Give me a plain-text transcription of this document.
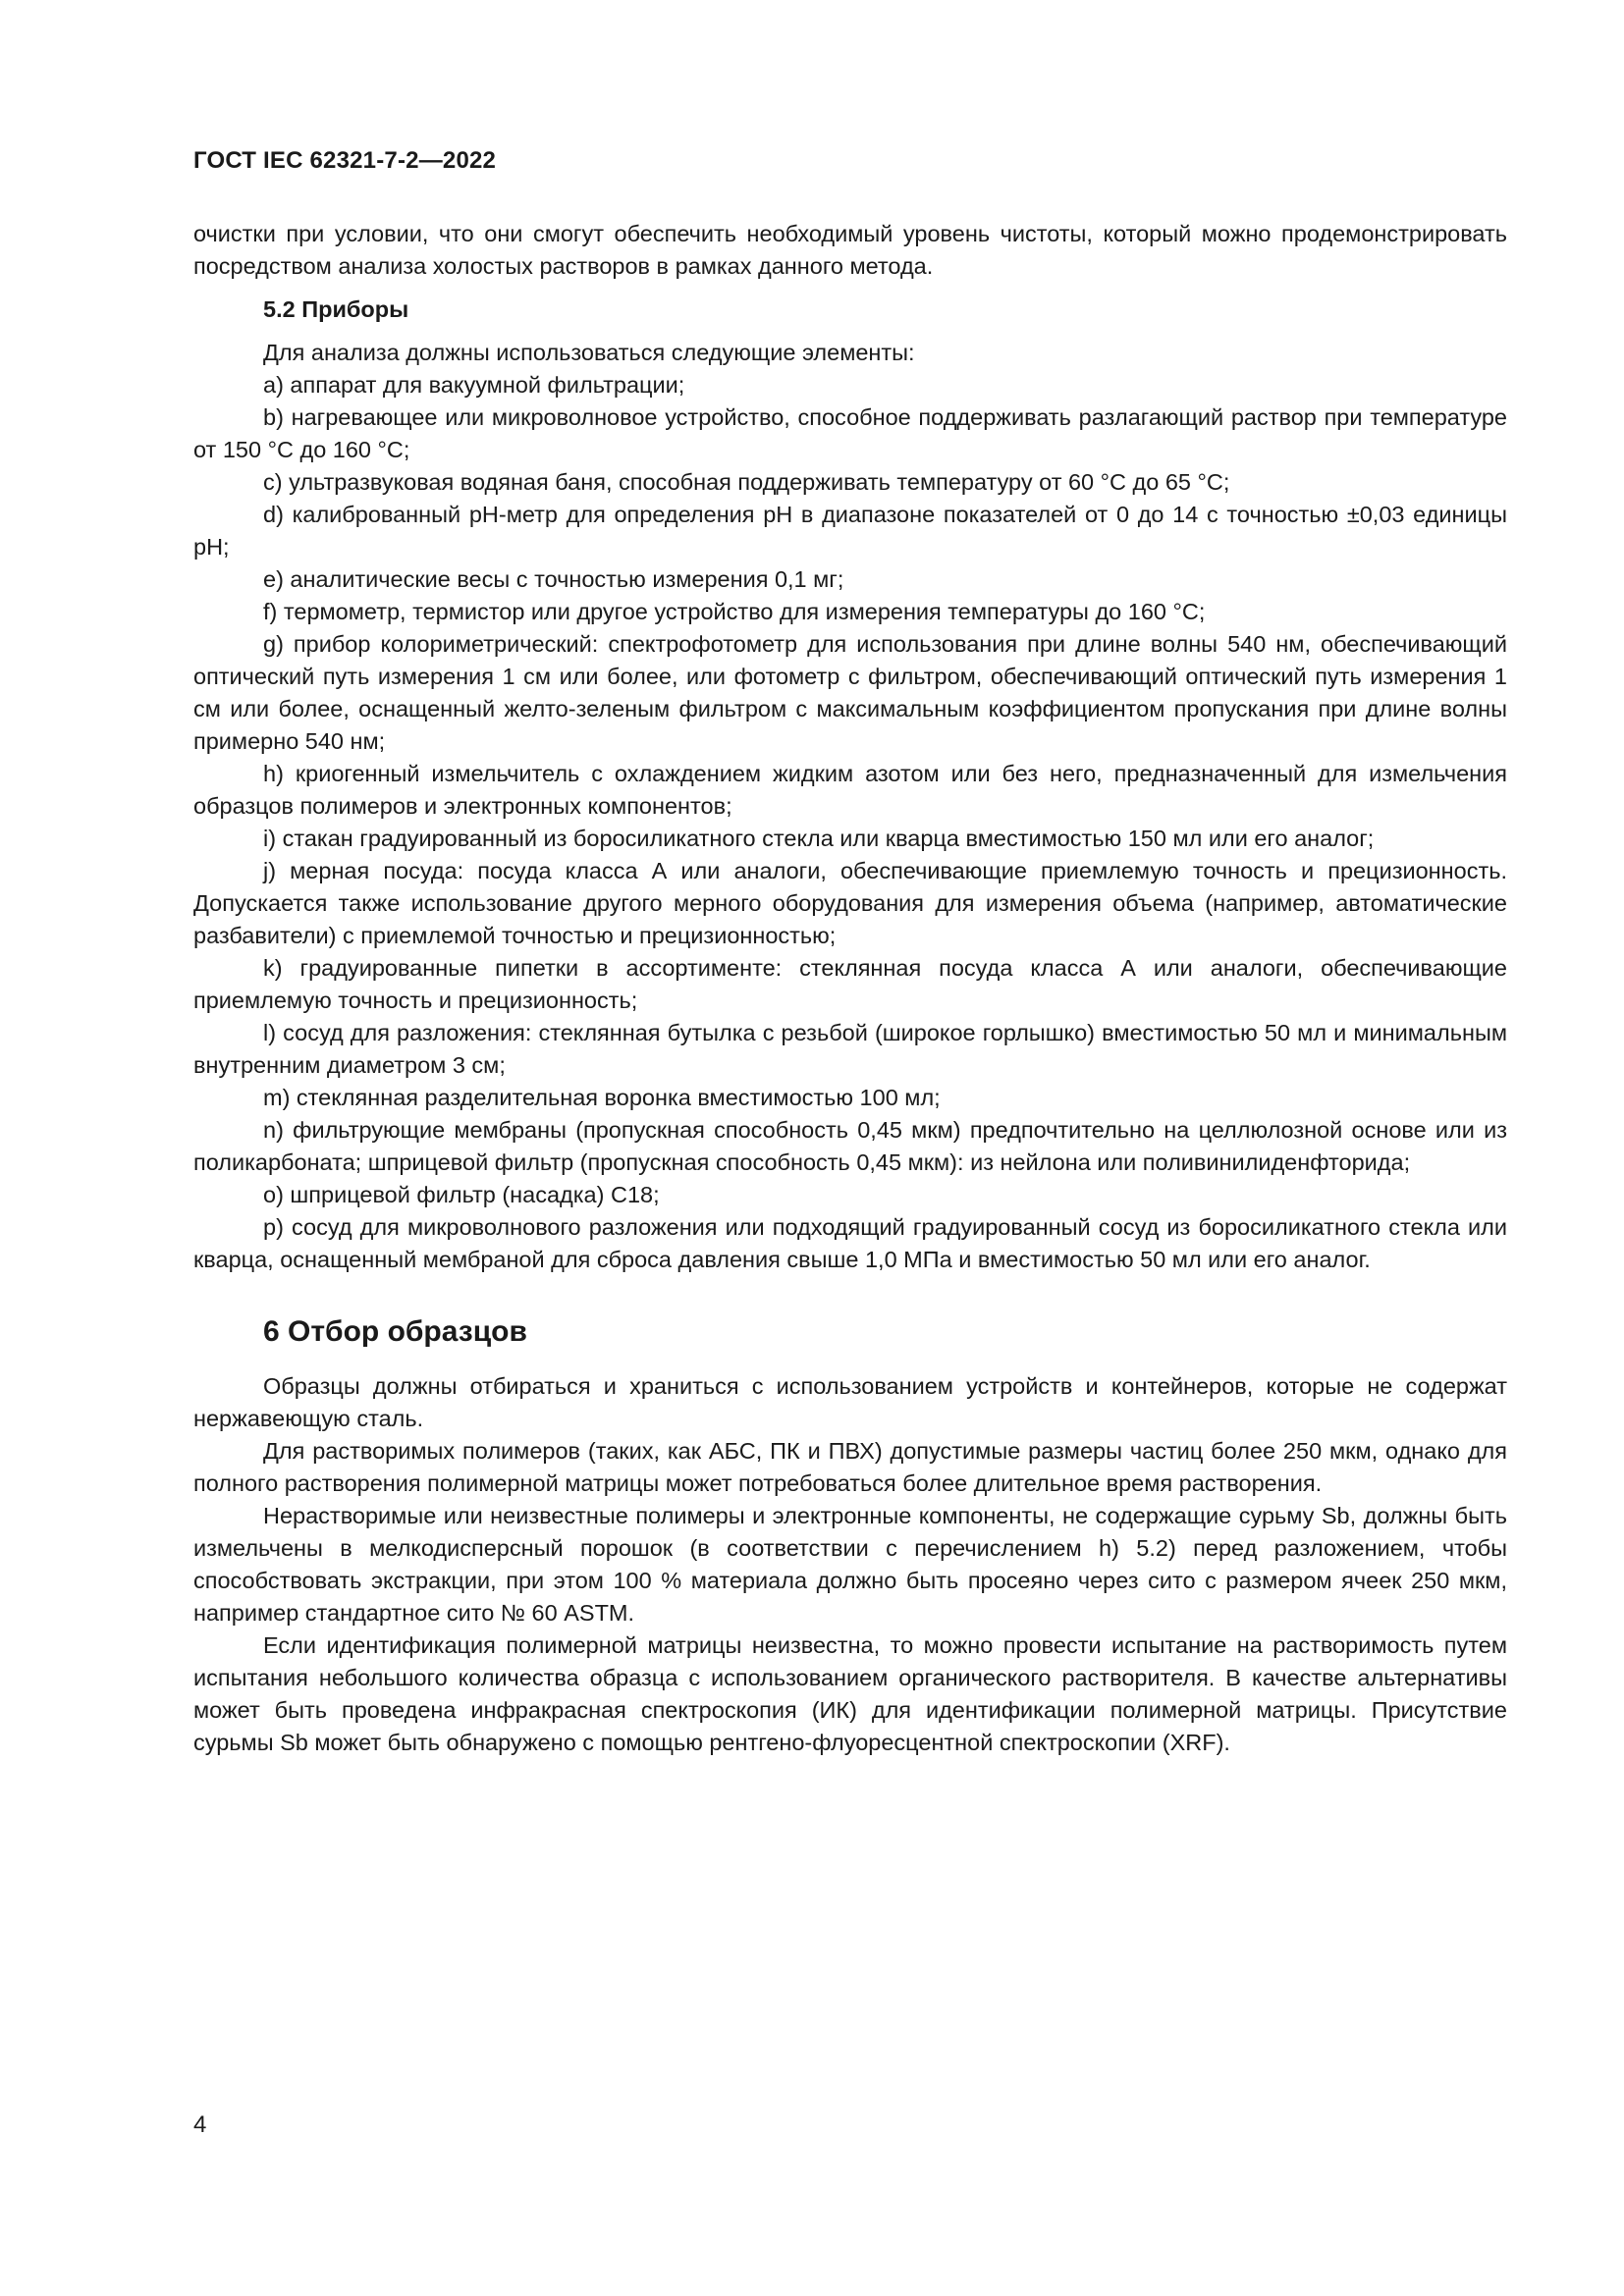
ГОСТ IEC 62321-7-2—2022

очистки при условии, что они смогут обеспечить необходимый уровень чистоты, который можно продемонстрировать посредством анализа холостых растворов в рамках данного метода.

5.2 Приборы

Для анализа должны использоваться следующие элементы:

a) аппарат для вакуумной фильтрации;

b) нагревающее или микроволновое устройство, способное поддерживать разлагающий раствор при температуре от 150 °С до 160 °С;

c) ультразвуковая водяная баня, способная поддерживать температуру от 60 °С до 65 °С;

d) калиброванный рН-метр для определения рН в диапазоне показателей от 0 до 14 с точностью ±0,03 единицы рН;

e) аналитические весы с точностью измерения 0,1 мг;

f) термометр, термистор или другое устройство для измерения температуры до 160 °С;

g) прибор колориметрический: спектрофотометр для использования при длине волны 540 нм, обеспечивающий оптический путь измерения 1 см или более, или фотометр с фильтром, обеспечивающий оптический путь измерения 1 см или более, оснащенный желто-зеленым фильтром с максимальным коэффициентом пропускания при длине волны примерно 540 нм;

h) криогенный измельчитель с охлаждением жидким азотом или без него, предназначенный для измельчения образцов полимеров и электронных компонентов;

i) стакан градуированный из боросиликатного стекла или кварца вместимостью 150 мл или его аналог;

j) мерная посуда: посуда класса А или аналоги, обеспечивающие приемлемую точность и прецизионность. Допускается также использование другого мерного оборудования для измерения объема (например, автоматические разбавители) с приемлемой точностью и прецизионностью;

k) градуированные пипетки в ассортименте: стеклянная посуда класса А или аналоги, обеспечивающие приемлемую точность и прецизионность;

l) сосуд для разложения: стеклянная бутылка с резьбой (широкое горлышко) вместимостью 50 мл и минимальным внутренним диаметром 3 см;

m) стеклянная разделительная воронка вместимостью 100 мл;

n) фильтрующие мембраны (пропускная способность 0,45 мкм) предпочтительно на целлюлозной основе или из поликарбоната; шприцевой фильтр (пропускная способность 0,45 мкм): из нейлона или поливинилиденфторида;

o) шприцевой фильтр (насадка) С18;

p) сосуд для микроволнового разложения или подходящий градуированный сосуд из боросиликатного стекла или кварца, оснащенный мембраной для сброса давления свыше 1,0 МПа и вместимостью 50 мл или его аналог.

6 Отбор образцов

Образцы должны отбираться и храниться с использованием устройств и контейнеров, которые не содержат нержавеющую сталь.

Для растворимых полимеров (таких, как АБС, ПК и ПВХ) допустимые размеры частиц более 250 мкм, однако для полного растворения полимерной матрицы может потребоваться более длительное время растворения.

Нерастворимые или неизвестные полимеры и электронные компоненты, не содержащие сурьму Sb, должны быть измельчены в мелкодисперсный порошок (в соответствии с перечислением h) 5.2) перед разложением, чтобы способствовать экстракции, при этом 100 % материала должно быть просеяно через сито с размером ячеек 250 мкм, например стандартное сито № 60 ASTM.

Если идентификация полимерной матрицы неизвестна, то можно провести испытание на растворимость путем испытания небольшого количества образца с использованием органического растворителя. В качестве альтернативы может быть проведена инфракрасная спектроскопия (ИК) для идентификации полимерной матрицы. Присутствие сурьмы Sb может быть обнаружено с помощью рентгено-флуоресцентной спектроскопии (XRF).

4
